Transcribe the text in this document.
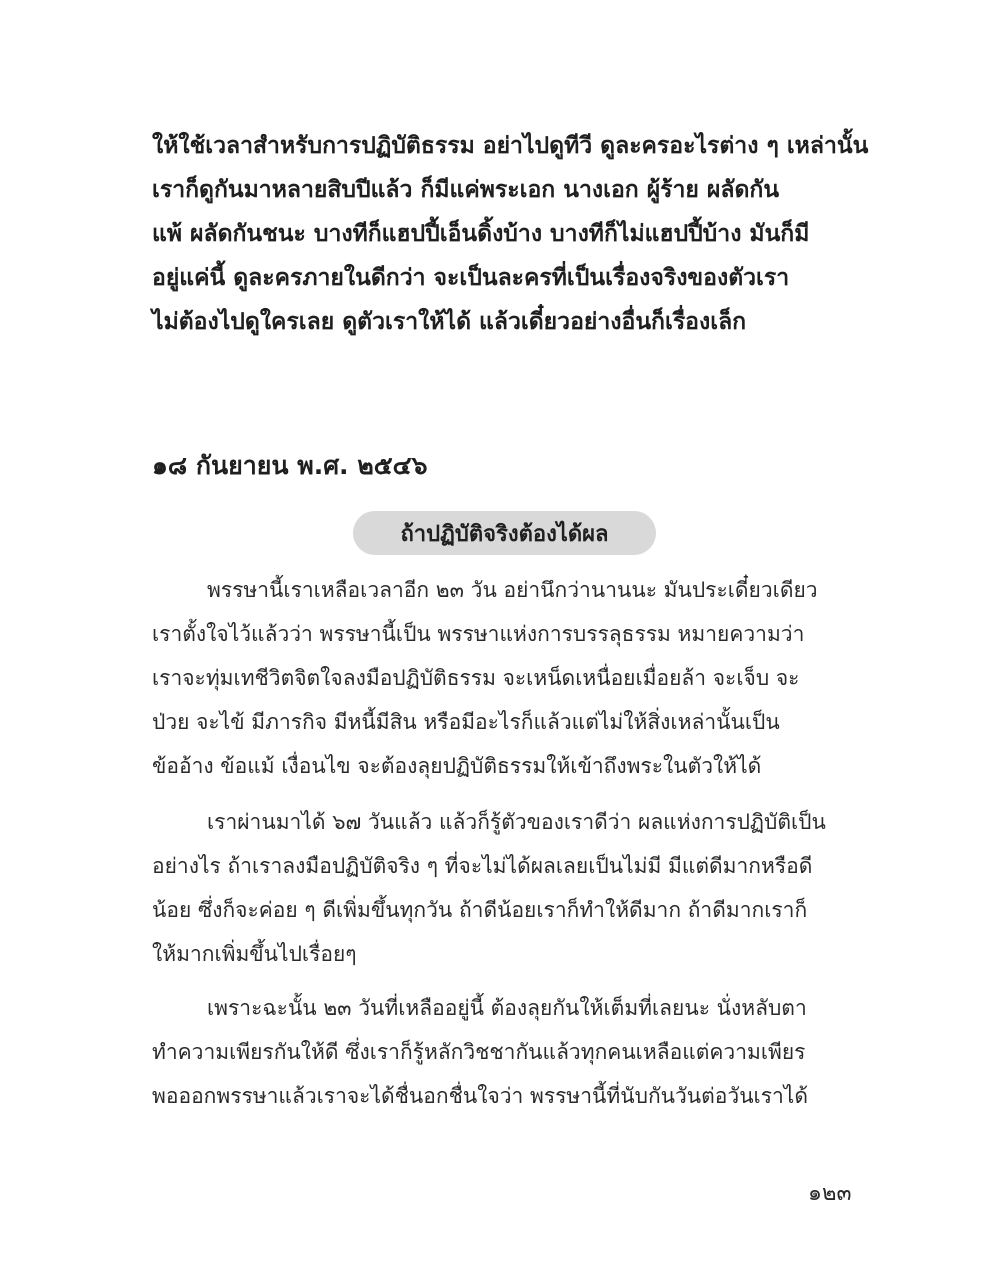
ให้ใช้เวลาสำหรับการปฏิบัติธรรม อย่าไปดูทีวี ดูละครอะไรต่าง ๆ เหล่านั้น
เราก็ดูกันมาหลายสิบปีแล้ว ก็มีแค่พระเอก นางเอก ผู้ร้าย ผลัดกัน
แพ้ ผลัดกันชนะ บางทีก็แฮปปี้เอ็นดิ้งบ้าง บางทีก็ไม่แฮปปี้บ้าง มันก็มี
อยู่แค่นี้ ดูละครภายในดีกว่า จะเป็นละครที่เป็นเรื่องจริงของตัวเรา
ไม่ต้องไปดูใครเลย ดูตัวเราให้ได้ แล้วเดี๋ยวอย่างอื่นก็เรื่องเล็ก
๑๘ กันยายน พ.ศ. ๒๕๔๖
ถ้าปฏิบัติจริงต้องได้ผล
พรรษานี้เราเหลือเวลาอีก ๒๓ วัน อย่านึกว่านานนะ มันประเดี๋ยวเดียว
เราตั้งใจไว้แล้วว่า พรรษานี้เป็น พรรษาแห่งการบรรลุธรรม หมายความว่า
เราจะทุ่มเทชีวิตจิตใจลงมือปฏิบัติธรรม จะเหน็ดเหนื่อยเมื่อยล้า จะเจ็บ จะ
ป่วย จะไข้ มีภารกิจ มีหนี้มีสิน หรือมีอะไรก็แล้วแต่ไม่ให้สิ่งเหล่านั้นเป็น
ข้ออ้าง ข้อแม้ เงื่อนไข จะต้องลุยปฏิบัติธรรมให้เข้าถึงพระในตัวให้ได้
เราผ่านมาได้ ๖๗ วันแล้ว แล้วก็รู้ตัวของเราดีว่า ผลแห่งการปฏิบัติเป็น
อย่างไร ถ้าเราลงมือปฏิบัติจริง ๆ ที่จะไม่ได้ผลเลยเป็นไม่มี มีแต่ดีมากหรือดี
น้อย ซึ่งก็จะค่อย ๆ ดีเพิ่มขึ้นทุกวัน ถ้าดีน้อยเราก็ทำให้ดีมาก ถ้าดีมากเราก็
ให้มากเพิ่มขึ้นไปเรื่อยๆ
เพราะฉะนั้น ๒๓ วันที่เหลืออยู่นี้ ต้องลุยกันให้เต็มที่เลยนะ นั่งหลับตา
ทำความเพียรกันให้ดี ซึ่งเราก็รู้หลักวิชชากันแล้วทุกคนเหลือแต่ความเพียร
พอออกพรรษาแล้วเราจะได้ชื่นอกชื่นใจว่า พรรษานี้ที่นับกันวันต่อวันเราได้
๑๒๓
